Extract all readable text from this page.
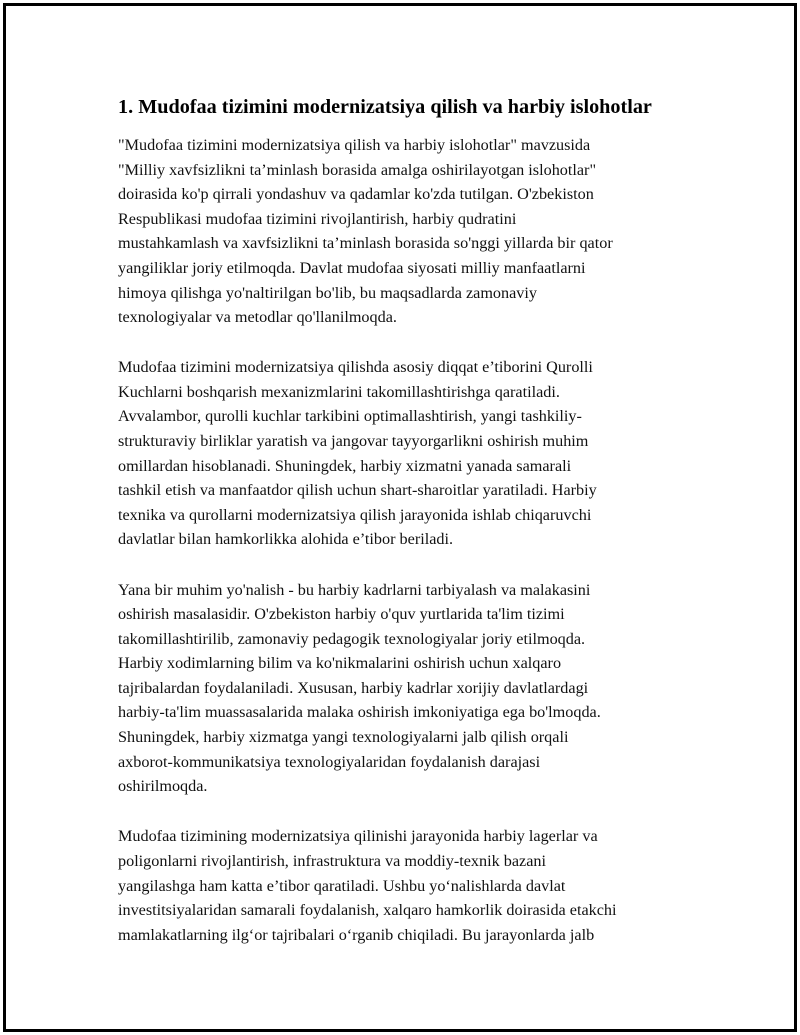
1. Mudofaa tizimini modernizatsiya qilish va harbiy islohotlar
"Mudofaa tizimini modernizatsiya qilish va harbiy islohotlar" mavzusida
"Milliy xavfsizlikni ta’minlash borasida amalga oshirilayotgan islohotlar"
doirasida ko'p qirrali yondashuv va qadamlar ko'zda tutilgan. O'zbekiston
Respublikasi mudofaa tizimini rivojlantirish, harbiy qudratini
mustahkamlash va xavfsizlikni ta’minlash borasida so'nggi yillarda bir qator
yangiliklar joriy etilmoqda. Davlat mudofaa siyosati milliy manfaatlarni
himoya qilishga yo'naltirilgan bo'lib, bu maqsadlarda zamonaviy
texnologiyalar va metodlar qo'llanilmoqda.
Mudofaa tizimini modernizatsiya qilishda asosiy diqqat e’tiborini Qurolli
Kuchlarni boshqarish mexanizmlarini takomillashtirishga qaratiladi.
Avvalambor, qurolli kuchlar tarkibini optimallashtirish, yangi tashkiliy-
strukturaviy birliklar yaratish va jangovar tayyorgarlikni oshirish muhim
omillardan hisoblanadi. Shuningdek, harbiy xizmatni yanada samarali
tashkil etish va manfaatdor qilish uchun shart-sharoitlar yaratiladi. Harbiy
texnika va qurollarni modernizatsiya qilish jarayonida ishlab chiqaruvchi
davlatlar bilan hamkorlikka alohida e’tibor beriladi.
Yana bir muhim yo'nalish - bu harbiy kadrlarni tarbiyalash va malakasini
oshirish masalasidir. O'zbekiston harbiy o'quv yurtlarida ta'lim tizimi
takomillashtirilib, zamonaviy pedagogik texnologiyalar joriy etilmoqda.
Harbiy xodimlarning bilim va ko'nikmalarini oshirish uchun xalqaro
tajribalardan foydalaniladi. Xususan, harbiy kadrlar xorijiy davlatlardagi
harbiy-ta'lim muassasalarida malaka oshirish imkoniyatiga ega bo'lmoqda.
Shuningdek, harbiy xizmatga yangi texnologiyalarni jalb qilish orqali
axborot-kommunikatsiya texnologiyalaridan foydalanish darajasi
oshirilmoqda.
Mudofaa tizimining modernizatsiya qilinishi jarayonida harbiy lagerlar va
poligonlarni rivojlantirish, infrastruktura va moddiy-texnik bazani
yangilashga ham katta e’tibor qaratiladi. Ushbu yo‘nalishlarda davlat
investitsiyalaridan samarali foydalanish, xalqaro hamkorlik doirasida etakchi
mamlakatlarning ilg‘or tajribalari o‘rganib chiqiladi. Bu jarayonlarda jalb
